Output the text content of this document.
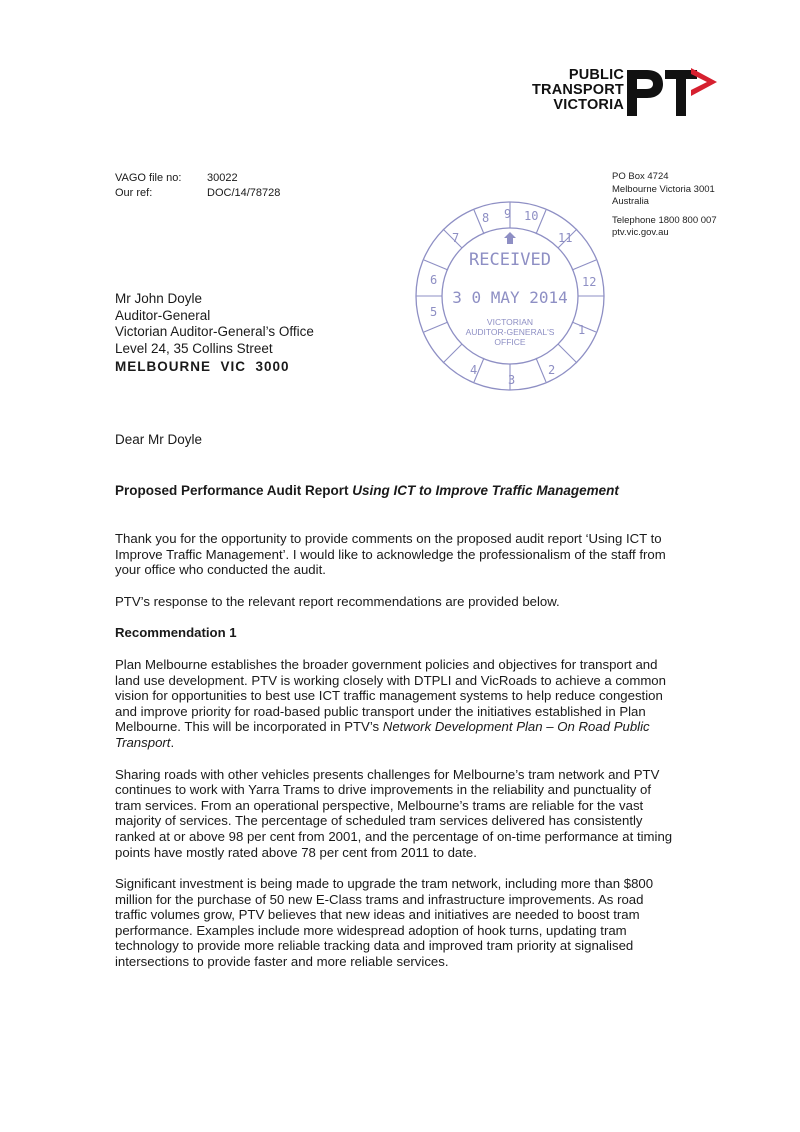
PUBLIC
TRANSPORT
VICTORIA
VAGO file no:	30022
Our ref:	DOC/14/78728
PO Box 4724
Melbourne Victoria 3001
Australia
Telephone 1800 800 007
ptv.vic.gov.au
8 9 10
11
12
1
2
3
4
5
6
7
RECEIVED
3 0 MAY 2014
VICTORIAN
AUDITOR-GENERAL'S
OFFICE
Mr John Doyle
Auditor-General
Victorian Auditor-General’s Office
Level 24, 35 Collins Street
MELBOURNE  VIC  3000
Dear Mr Doyle
Proposed Performance Audit Report Using ICT to Improve Traffic Management

Thank you for the opportunity to provide comments on the proposed audit report ‘Using ICT to Improve Traffic Management’. I would like to acknowledge the professionalism of the staff from your office who conducted the audit.

PTV’s response to the relevant report recommendations are provided below.

Recommendation 1

Plan Melbourne establishes the broader government policies and objectives for transport and land use development. PTV is working closely with DTPLI and VicRoads to achieve a common vision for opportunities to best use ICT traffic management systems to help reduce congestion and improve priority for road-based public transport under the initiatives established in Plan Melbourne. This will be incorporated in PTV’s Network Development Plan – On Road Public Transport.

Sharing roads with other vehicles presents challenges for Melbourne’s tram network and PTV continues to work with Yarra Trams to drive improvements in the reliability and punctuality of tram services. From an operational perspective, Melbourne’s trams are reliable for the vast majority of services. The percentage of scheduled tram services delivered has consistently ranked at or above 98 per cent from 2001, and the percentage of on-time performance at timing points have mostly rated above 78 per cent from 2011 to date.

Significant investment is being made to upgrade the tram network, including more than $800 million for the purchase of 50 new E-Class trams and infrastructure improvements. As road traffic volumes grow, PTV believes that new ideas and initiatives are needed to boost tram performance. Examples include more widespread adoption of hook turns, updating tram technology to provide more reliable tracking data and improved tram priority at signalised intersections to provide faster and more reliable services.
